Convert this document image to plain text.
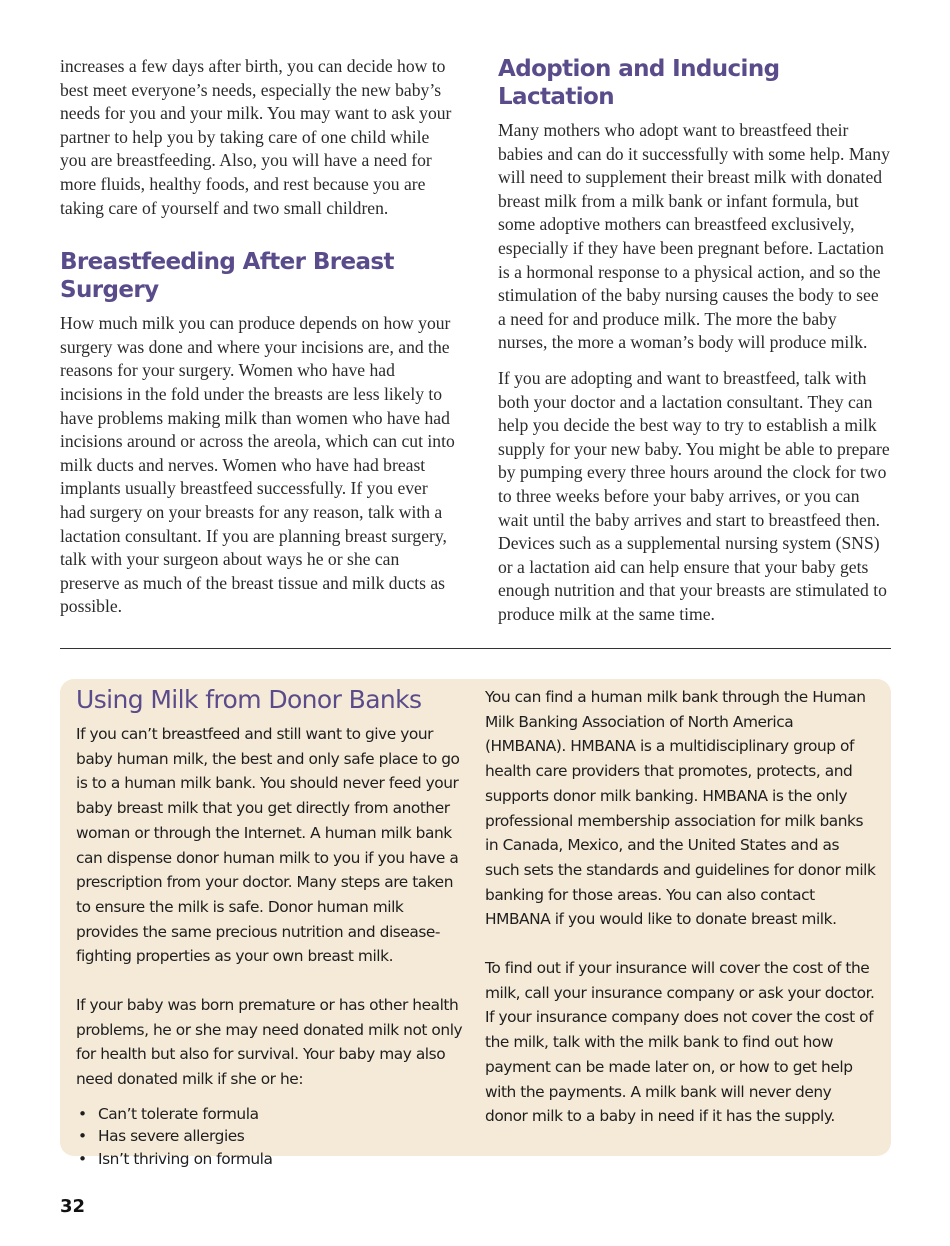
increases a few days after birth, you can decide how to best meet everyone’s needs, especially the new baby’s needs for you and your milk. You may want to ask your partner to help you by taking care of one child while you are breastfeeding. Also, you will have a need for more fluids, healthy foods, and rest because you are taking care of yourself and two small children.

Breastfeeding After Breast Surgery

How much milk you can produce depends on how your surgery was done and where your incisions are, and the reasons for your surgery. Women who have had incisions in the fold under the breasts are less likely to have problems making milk than women who have had incisions around or across the areola, which can cut into milk ducts and nerves. Women who have had breast implants usually breastfeed successfully. If you ever had surgery on your breasts for any reason, talk with a lactation consultant. If you are planning breast surgery, talk with your surgeon about ways he or she can preserve as much of the breast tissue and milk ducts as possible.

Adoption and Inducing Lactation

Many mothers who adopt want to breastfeed their babies and can do it successfully with some help. Many will need to supplement their breast milk with donated breast milk from a milk bank or infant formula, but some adoptive mothers can breastfeed exclusively, especially if they have been pregnant before. Lactation is a hormonal response to a physical action, and so the stimulation of the baby nursing causes the body to see a need for and produce milk. The more the baby nurses, the more a woman’s body will produce milk.

If you are adopting and want to breastfeed, talk with both your doctor and a lactation consultant. They can help you decide the best way to try to establish a milk supply for your new baby. You might be able to prepare by pumping every three hours around the clock for two to three weeks before your baby arrives, or you can wait until the baby arrives and start to breastfeed then. Devices such as a supplemental nursing system (SNS) or a lactation aid can help ensure that your baby gets enough nutrition and that your breasts are stimulated to produce milk at the same time.

Using Milk from Donor Banks

If you can’t breastfeed and still want to give your baby human milk, the best and only safe place to go is to a human milk bank. You should never feed your baby breast milk that you get directly from another woman or through the Internet. A human milk bank can dispense donor human milk to you if you have a prescription from your doctor. Many steps are taken to ensure the milk is safe. Donor human milk provides the same precious nutrition and disease-fighting properties as your own breast milk.

If your baby was born premature or has other health problems, he or she may need donated milk not only for health but also for survival. Your baby may also need donated milk if she or he:

• Can’t tolerate formula
• Has severe allergies
• Isn’t thriving on formula

You can find a human milk bank through the Human Milk Banking Association of North America (HMBANA). HMBANA is a multidisciplinary group of health care providers that promotes, protects, and supports donor milk banking. HMBANA is the only professional membership association for milk banks in Canada, Mexico, and the United States and as such sets the standards and guidelines for donor milk banking for those areas. You can also contact HMBANA if you would like to donate breast milk.

To find out if your insurance will cover the cost of the milk, call your insurance company or ask your doctor. If your insurance company does not cover the cost of the milk, talk with the milk bank to find out how payment can be made later on, or how to get help with the payments. A milk bank will never deny donor milk to a baby in need if it has the supply.

32
